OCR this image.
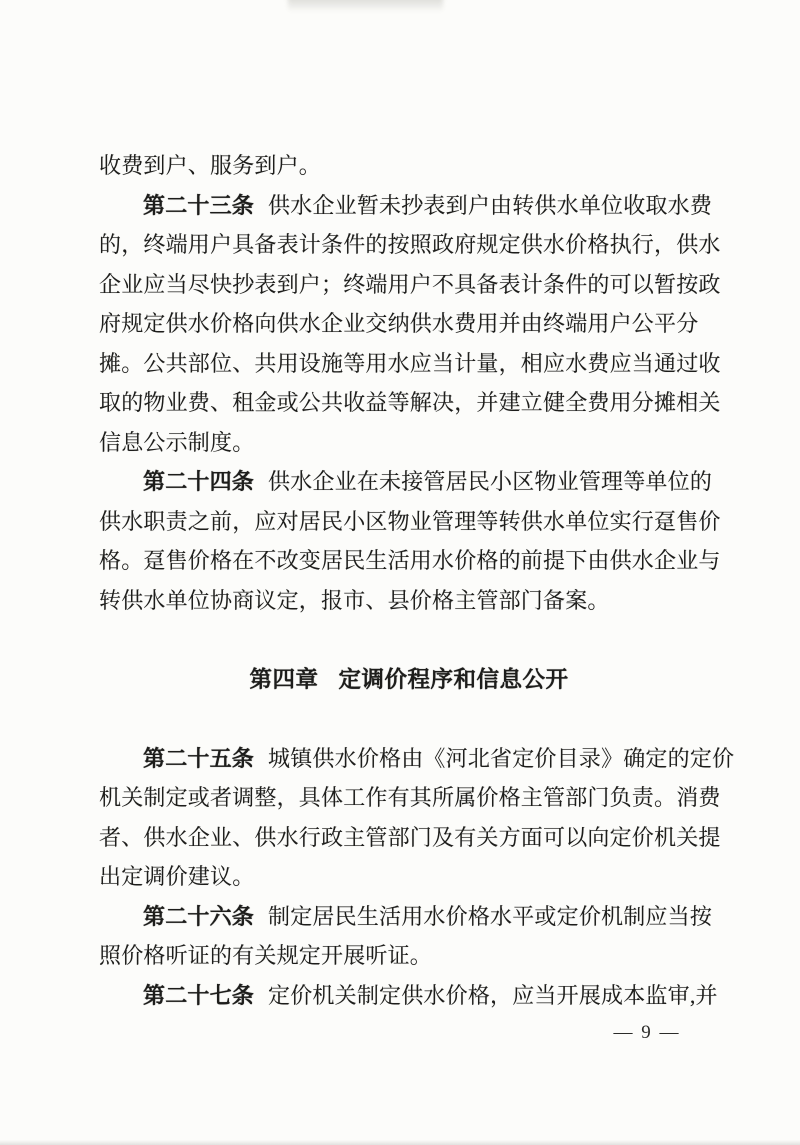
收费到户、服务到户。
第二十三条 供水企业暂未抄表到户由转供水单位收取水费
的，终端用户具备表计条件的按照政府规定供水价格执行，供水
企业应当尽快抄表到户；终端用户不具备表计条件的可以暂按政
府规定供水价格向供水企业交纳供水费用并由终端用户公平分
摊。公共部位、共用设施等用水应当计量，相应水费应当通过收
取的物业费、租金或公共收益等解决，并建立健全费用分摊相关
信息公示制度。
第二十四条 供水企业在未接管居民小区物业管理等单位的
供水职责之前，应对居民小区物业管理等转供水单位实行趸售价
格。趸售价格在不改变居民生活用水价格的前提下由供水企业与
转供水单位协商议定，报市、县价格主管部门备案。
第四章 定调价程序和信息公开
第二十五条 城镇供水价格由《河北省定价目录》确定的定价
机关制定或者调整，具体工作有其所属价格主管部门负责。消费
者、供水企业、供水行政主管部门及有关方面可以向定价机关提
出定调价建议。
第二十六条 制定居民生活用水价格水平或定价机制应当按
照价格听证的有关规定开展听证。
第二十七条 定价机关制定供水价格，应当开展成本监审,并
— 9 —
